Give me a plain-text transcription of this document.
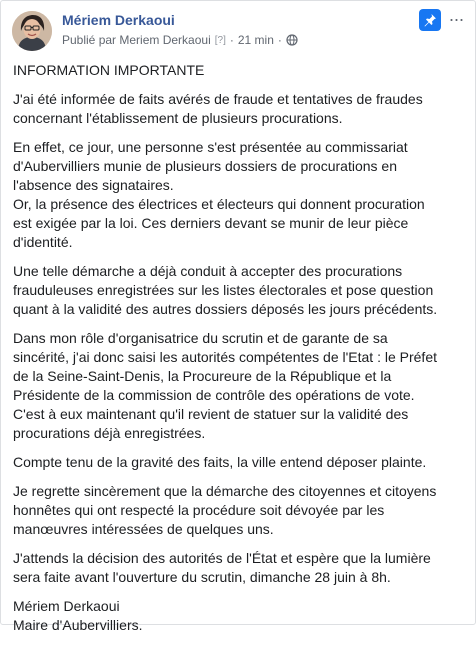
Mériem Derkaoui
Publié par Meriem Derkaoui [?] · 21 min ·
···

INFORMATION IMPORTANTE

J'ai été informée de faits avérés de fraude et tentatives de fraudes
concernant l'établissement de plusieurs procurations.

En effet, ce jour, une personne s'est présentée au commissariat
d'Aubervilliers munie de plusieurs dossiers de procurations en
l'absence des signataires.
Or, la présence des électrices et électeurs qui donnent procuration
est exigée par la loi. Ces derniers devant se munir de leur pièce
d'identité.

Une telle démarche a déjà conduit à accepter des procurations
frauduleuses enregistrées sur les listes électorales et pose question
quant à la validité des autres dossiers déposés les jours précédents.

Dans mon rôle d'organisatrice du scrutin et de garante de sa
sincérité, j'ai donc saisi les autorités compétentes de l'Etat : le Préfet
de la Seine-Saint-Denis, la Procureure de la République et la
Présidente de la commission de contrôle des opérations de vote.
C'est à eux maintenant qu'il revient de statuer sur la validité des
procurations déjà enregistrées.

Compte tenu de la gravité des faits, la ville entend déposer plainte.

Je regrette sincèrement que la démarche des citoyennes et citoyens
honnêtes qui ont respecté la procédure soit dévoyée par les
manœuvres intéressées de quelques uns.

J'attends la décision des autorités de l'État et espère que la lumière
sera faite avant l'ouverture du scrutin, dimanche 28 juin à 8h.

Mériem Derkaoui
Maire d'Aubervilliers.
